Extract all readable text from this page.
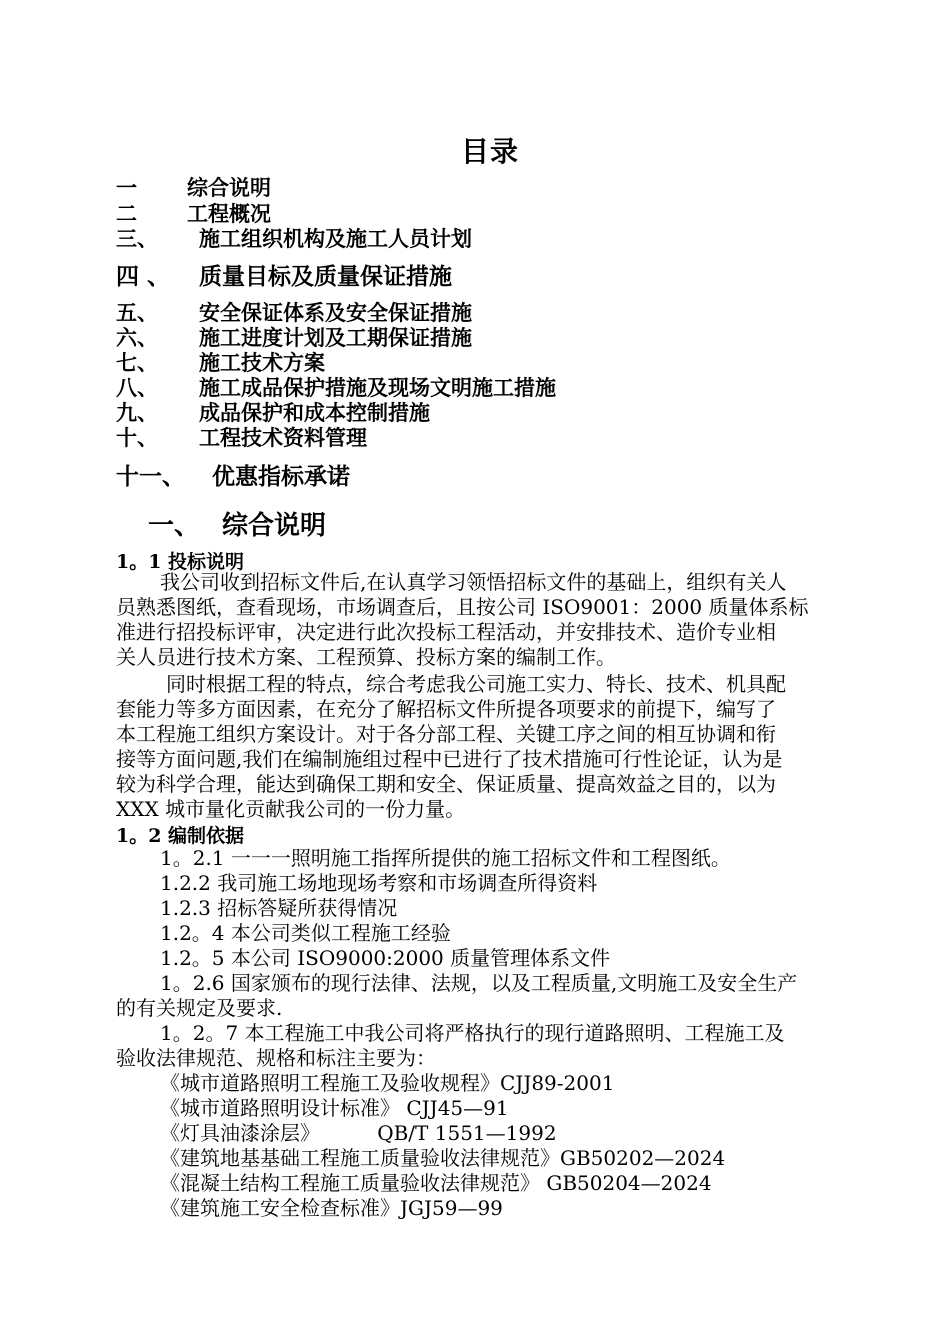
目录
一 综合说明
二 工程概况
三、 施工组织机构及施工人员计划
四 、 质量目标及质量保证措施
五、 安全保证体系及安全保证措施
六、 施工进度计划及工期保证措施
七、 施工技术方案
八、 施工成品保护措施及现场文明施工措施
九、 成品保护和成本控制措施
十、 工程技术资料管理
十一、 优惠指标承诺
一、 综合说明
1。1 投标说明
我公司收到招标文件后,在认真学习领悟招标文件的基础上，组织有关人
员熟悉图纸，查看现场，市场调查后，且按公司 ISO9001：2000 质量体系标
准进行招投标评审，决定进行此次投标工程活动，并安排技术、造价专业相
关人员进行技术方案、工程预算、投标方案的编制工作。
同时根据工程的特点，综合考虑我公司施工实力、特长、技术、机具配
套能力等多方面因素，在充分了解招标文件所提各项要求的前提下，编写了
本工程施工组织方案设计。对于各分部工程、关键工序之间的相互协调和衔
接等方面问题,我们在编制施组过程中已进行了技术措施可行性论证，认为是
较为科学合理，能达到确保工期和安全、保证质量、提高效益之目的，以为
XXX 城市量化贡献我公司的一份力量。
1。2 编制依据
1。2.1 一一一照明施工指挥所提供的施工招标文件和工程图纸。
1.2.2 我司施工场地现场考察和市场调查所得资料
1.2.3 招标答疑所获得情况
1.2。4 本公司类似工程施工经验
1.2。5 本公司 ISO9000:2000 质量管理体系文件
1。2.6 国家颁布的现行法律、法规，以及工程质量,文明施工及安全生产
的有关规定及要求.
1。2。7 本工程施工中我公司将严格执行的现行道路照明、工程施工及
验收法律规范、规格和标注主要为：
《城市道路照明工程施工及验收规程》CJJ89-2001
《城市道路照明设计标准》 CJJ45—91
《灯具油漆涂层》         QB/T 1551—1992
《建筑地基基础工程施工质量验收法律规范》GB50202—2024
《混凝土结构工程施工质量验收法律规范》 GB50204—2024
《建筑施工安全检查标准》JGJ59—99
